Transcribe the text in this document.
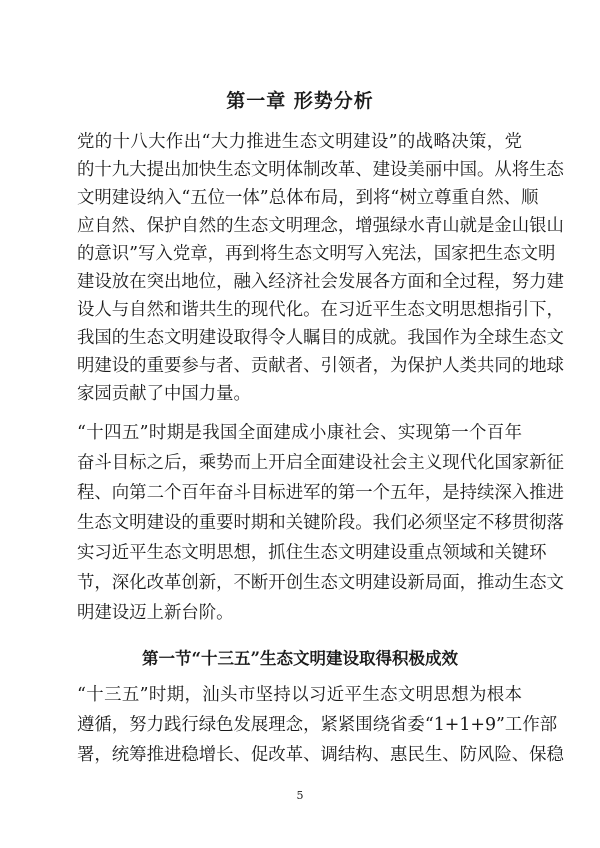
第一章 形势分析
党的十八大作出“大力推进生态文明建设”的战略决策，党
的十九大提出加快生态文明体制改革、建设美丽中国。从将生态
文明建设纳入“五位一体”总体布局，到将“树立尊重自然、顺
应自然、保护自然的生态文明理念，增强绿水青山就是金山银山
的意识”写入党章，再到将生态文明写入宪法，国家把生态文明
建设放在突出地位，融入经济社会发展各方面和全过程，努力建
设人与自然和谐共生的现代化。在习近平生态文明思想指引下，
我国的生态文明建设取得令人瞩目的成就。我国作为全球生态文
明建设的重要参与者、贡献者、引领者，为保护人类共同的地球
家园贡献了中国力量。
“十四五”时期是我国全面建成小康社会、实现第一个百年
奋斗目标之后，乘势而上开启全面建设社会主义现代化国家新征
程、向第二个百年奋斗目标进军的第一个五年，是持续深入推进
生态文明建设的重要时期和关键阶段。我们必须坚定不移贯彻落
实习近平生态文明思想，抓住生态文明建设重点领域和关键环
节，深化改革创新，不断开创生态文明建设新局面，推动生态文
明建设迈上新台阶。
第一节“十三五”生态文明建设取得积极成效
“十三五”时期，汕头市坚持以习近平生态文明思想为根本
遵循，努力践行绿色发展理念，紧紧围绕省委“1+1+9”工作部
署，统筹推进稳增长、促改革、调结构、惠民生、防风险、保稳
5
